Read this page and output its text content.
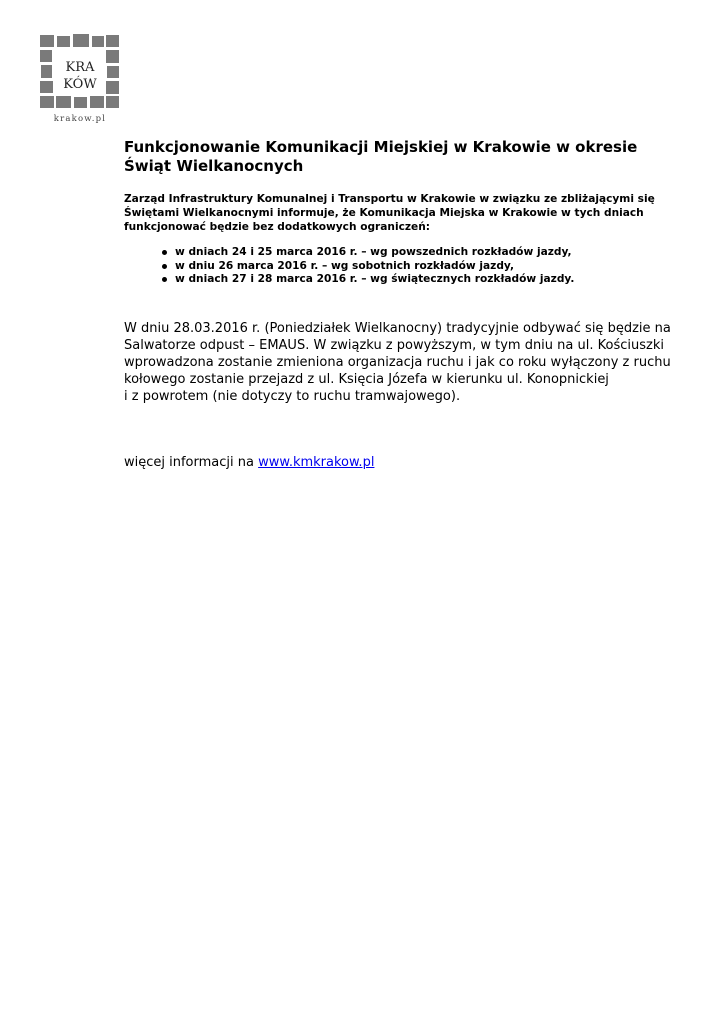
KRA
KÓW
krakow.pl
Funkcjonowanie Komunikacji Miejskiej w Krakowie w okresie
Świąt Wielkanocnych

Zarząd Infrastruktury Komunalnej i Transportu w Krakowie w związku ze zbliżającymi się
Świętami Wielkanocnymi informuje, że Komunikacja Miejska w Krakowie w tych dniach
funkcjonować będzie bez dodatkowych ograniczeń:

w dniach 24 i 25 marca 2016 r. – wg powszednich rozkładów jazdy,
w dniu 26 marca 2016 r. – wg sobotnich rozkładów jazdy,
w dniach 27 i 28 marca 2016 r. – wg świątecznych rozkładów jazdy.

W dniu 28.03.2016 r. (Poniedziałek Wielkanocny) tradycyjnie odbywać się będzie na
Salwatorze odpust – EMAUS. W związku z powyższym, w tym dniu na ul. Kościuszki
wprowadzona zostanie zmieniona organizacja ruchu i jak co roku wyłączony z ruchu
kołowego zostanie przejazd z ul. Księcia Józefa w kierunku ul. Konopnickiej
i z powrotem (nie dotyczy to ruchu tramwajowego).

więcej informacji na www.kmkrakow.pl
